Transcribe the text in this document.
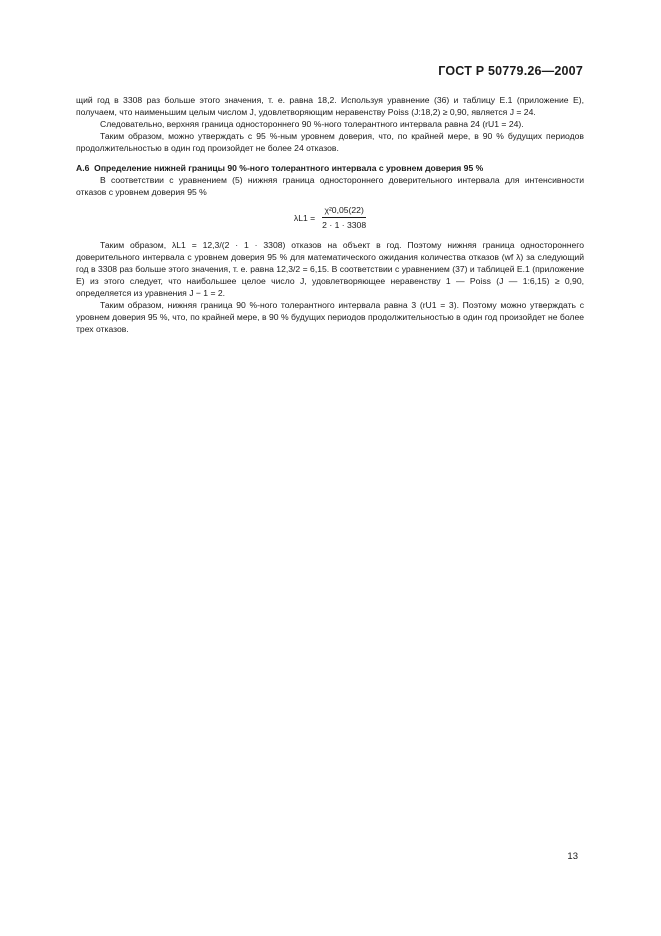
ГОСТ Р 50779.26—2007

щий год в 3308 раз больше этого значения, т. е. равна 18,2. Используя уравнение (36) и таблицу Е.1 (приложение Е), получаем, что наименьшим целым числом J, удовлетворяющим неравенству Poiss (J:18,2) ≥ 0,90, является J = 24.

Следовательно, верхняя граница одностороннего 90 %-ного толерантного интервала равна 24 (rU1 = 24).

Таким образом, можно утверждать с 95 %-ным уровнем доверия, что, по крайней мере, в 90 % будущих периодов продолжительностью в один год произойдет не более 24 отказов.

А.6 Определение нижней границы 90 %-ного толерантного интервала с уровнем доверия 95 %

В соответствии с уравнением (5) нижняя граница одностороннего доверительного интервала для интенсивности отказов с уровнем доверия 95 %

$\lambda L1 = \frac{\text{χ²0,05(22)}}{2 \cdot 1 \cdot 3308}$

Таким образом, λL1 = 12,3/(2 · 1 · 3308) отказов на объект в год. Поэтому нижняя граница одностороннего доверительного интервала с уровнем доверия 95 % для математического ожидания количества отказов (wf λ) за следующий год в 3308 раз больше этого значения, т. е. равна 12,3/2 = 6,15. В соответствии с уравнением (37) и таблицей Е.1 (приложение Е) из этого следует, что наибольшее целое число J, удовлетворяющее неравенству 1 — Poiss (J — 1:6,15) ≥ 0,90, определяется из уравнения J − 1 = 2.

Таким образом, нижняя граница 90 %-ного толерантного интервала равна 3 (rU1 = 3). Поэтому можно утверждать с уровнем доверия 95 %, что, по крайней мере, в 90 % будущих периодов продолжительностью в один год произойдет не более трех отказов.

13
